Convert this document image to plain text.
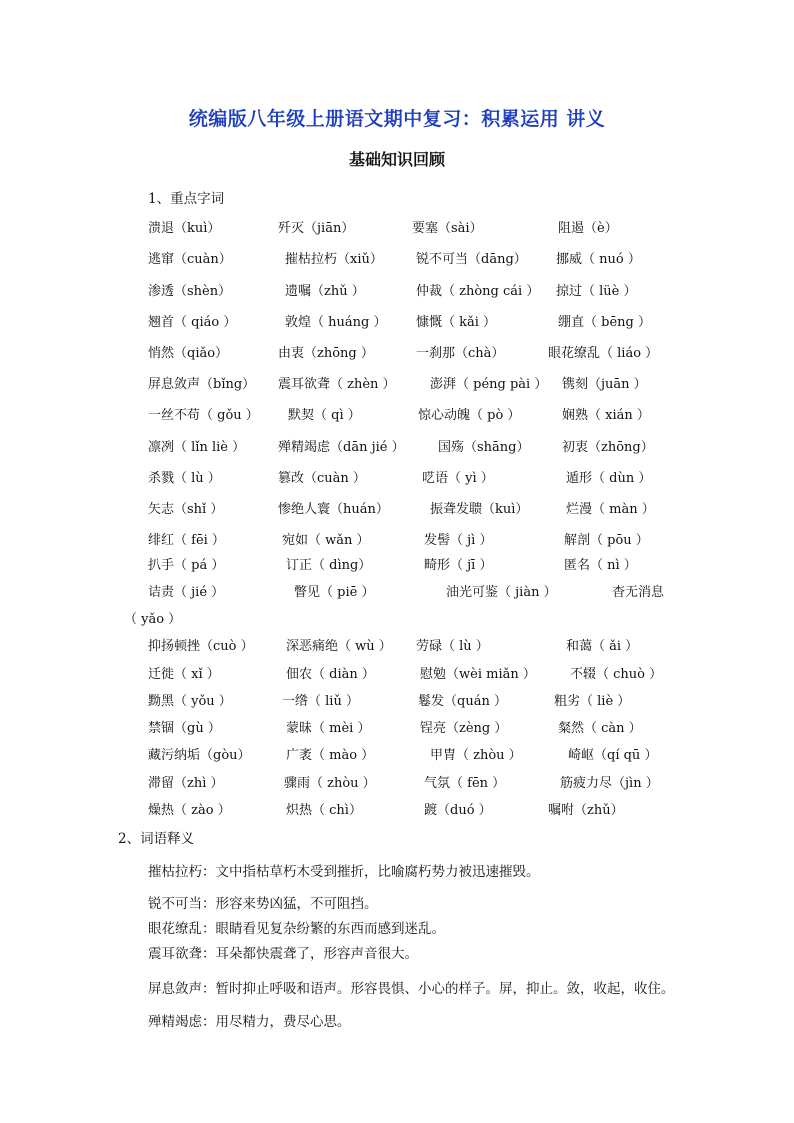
统编版八年级上册语文期中复习：积累运用 讲义
基础知识回顾
1、重点字词
溃退（kuì）	歼灭（jiān）	要塞（sài）	阻遏（è）
逃窜（cuàn）	摧枯拉朽（xiǔ）	锐不可当（dāng） 挪威（ nuó ）
渗透（shèn）	遗嘱（zhǔ ）	仲裁（ zhòng cái ） 掠过（ lüè ）
翘首（ qiáo ）	敦煌（ huáng ） 慷慨（ kǎi ）	绷直（ bēng ）
悄然（qiǎo）	由衷（zhōng ）	一刹那（chà）	眼花缭乱（ liáo ）
屏息敛声（bǐng） 震耳欲聋（ zhèn ）	澎湃（ péng pài ） 镌刻（juān ）
一丝不苟（ gǒu ） 默契（ qì ）	惊心动魄（ pò ）	娴熟（ xián ）
凛冽（ lǐn liè ）	殚精竭虑（dān jié ）	国殇（shāng）	初衷（zhōng）
杀戮（ lù ）	篡改（cuàn ）	呓语（ yì ）	遁形（ dùn ）
矢志（shǐ ）	惨绝人寰（huán）	振聋发聩（kuì）	烂漫（ màn ）
绯红（ fēi ）	宛如（ wǎn ）	发髻（ jì ）	解剖（ pōu ）
扒手（ pá ）	订正（ dìng）	畸形（ jī ）	匿名（ nì ）
诘责（ jié ）	瞥见（ piē ）	油光可鉴（ jiàn ）	杳无消息
（ yǎo ）
抑扬顿挫（cuò ） 深恶痛绝（ wù ） 劳碌（ lù ）	和蔼（ ǎi ）
迁徙（ xǐ ）	佃农（ diàn ）	慰勉（wèi miǎn ）	不辍（ chuò ）
黝黑（ yǒu ）	一绺（ liǔ ）	鬈发（quán ）	粗劣（ liè ）
禁锢（gù ）	蒙昧（ mèi ）	锃亮（zèng ）	粲然（ càn ）
藏污纳垢（gòu）	广袤（ mào ）	甲胄（ zhòu ）	崎岖（qí qū ）
滞留（zhì ）	骤雨（ zhòu ）	气氛（ fēn ）	筋疲力尽（jìn ）
燥热（ zào ）	炽热（ chì）	踱（duó ）	嘱咐（zhǔ）
2、词语释义
摧枯拉朽：文中指枯草朽木受到摧折，比喻腐朽势力被迅速摧毁。
锐不可当：形容来势凶猛，不可阻挡。
眼花缭乱：眼睛看见复杂纷繁的东西而感到迷乱。
震耳欲聋：耳朵都快震聋了，形容声音很大。
屏息敛声：暂时抑止呼吸和语声。形容畏惧、小心的样子。屏，抑止。敛，收起，收住。
殚精竭虑：用尽精力，费尽心思。
